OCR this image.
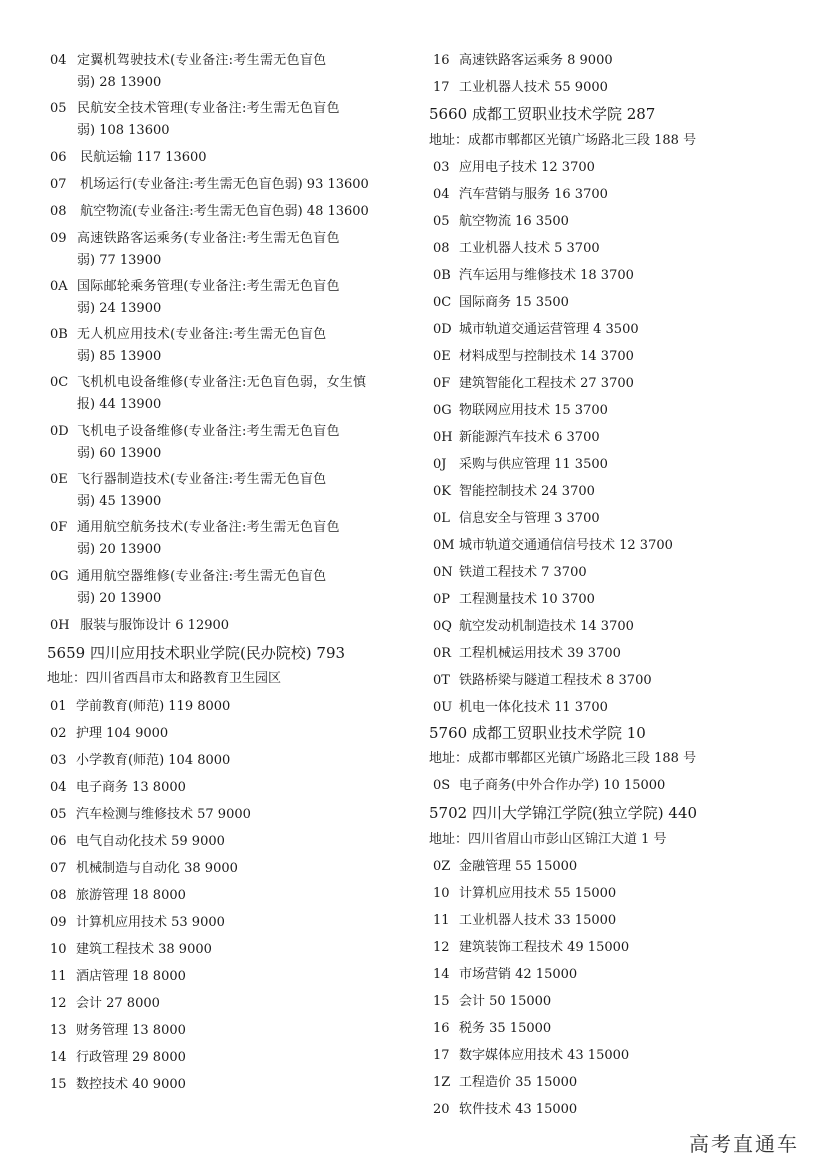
04 定翼机驾驶技术(专业备注:考生需无色盲色
弱) 28 13900
05 民航安全技术管理(专业备注:考生需无色盲色
弱) 108 13600
06 民航运输 117 13600
07 机场运行(专业备注:考生需无色盲色弱) 93 13600
08 航空物流(专业备注:考生需无色盲色弱) 48 13600
09 高速铁路客运乘务(专业备注:考生需无色盲色
弱) 77 13900
0A 国际邮轮乘务管理(专业备注:考生需无色盲色
弱) 24 13900
0B 无人机应用技术(专业备注:考生需无色盲色
弱) 85 13900
0C 飞机机电设备维修(专业备注:无色盲色弱，女生慎
报) 44 13900
0D 飞机电子设备维修(专业备注:考生需无色盲色
弱) 60 13900
0E 飞行器制造技术(专业备注:考生需无色盲色
弱) 45 13900
0F 通用航空航务技术(专业备注:考生需无色盲色
弱) 20 13900
0G 通用航空器维修(专业备注:考生需无色盲色
弱) 20 13900
0H 服装与服饰设计 6 12900
5659 四川应用技术职业学院(民办院校) 793
地址：四川省西昌市太和路教育卫生园区
01 学前教育(师范) 119 8000
02 护理 104 9000
03 小学教育(师范) 104 8000
04 电子商务 13 8000
05 汽车检测与维修技术 57 9000
06 电气自动化技术 59 9000
07 机械制造与自动化 38 9000
08 旅游管理 18 8000
09 计算机应用技术 53 9000
10 建筑工程技术 38 9000
11 酒店管理 18 8000
12 会计 27 8000
13 财务管理 13 8000
14 行政管理 29 8000
15 数控技术 40 9000
16 高速铁路客运乘务 8 9000
17 工业机器人技术 55 9000
5660 成都工贸职业技术学院 287
地址：成都市郫都区光镇广场路北三段 188 号
03 应用电子技术 12 3700
04 汽车营销与服务 16 3700
05 航空物流 16 3500
08 工业机器人技术 5 3700
0B 汽车运用与维修技术 18 3700
0C 国际商务 15 3500
0D 城市轨道交通运营管理 4 3500
0E 材料成型与控制技术 14 3700
0F 建筑智能化工程技术 27 3700
0G 物联网应用技术 15 3700
0H 新能源汽车技术 6 3700
0J 采购与供应管理 11 3500
0K 智能控制技术 24 3700
0L 信息安全与管理 3 3700
0M 城市轨道交通通信信号技术 12 3700
0N 铁道工程技术 7 3700
0P 工程测量技术 10 3700
0Q 航空发动机制造技术 14 3700
0R 工程机械运用技术 39 3700
0T 铁路桥梁与隧道工程技术 8 3700
0U 机电一体化技术 11 3700
5760 成都工贸职业技术学院 10
地址：成都市郫都区光镇广场路北三段 188 号
0S 电子商务(中外合作办学) 10 15000
5702 四川大学锦江学院(独立学院) 440
地址：四川省眉山市彭山区锦江大道 1 号
0Z 金融管理 55 15000
10 计算机应用技术 55 15000
11 工业机器人技术 33 15000
12 建筑装饰工程技术 49 15000
14 市场营销 42 15000
15 会计 50 15000
16 税务 35 15000
17 数字媒体应用技术 43 15000
1Z 工程造价 35 15000
20 软件技术 43 15000
高考直通车
